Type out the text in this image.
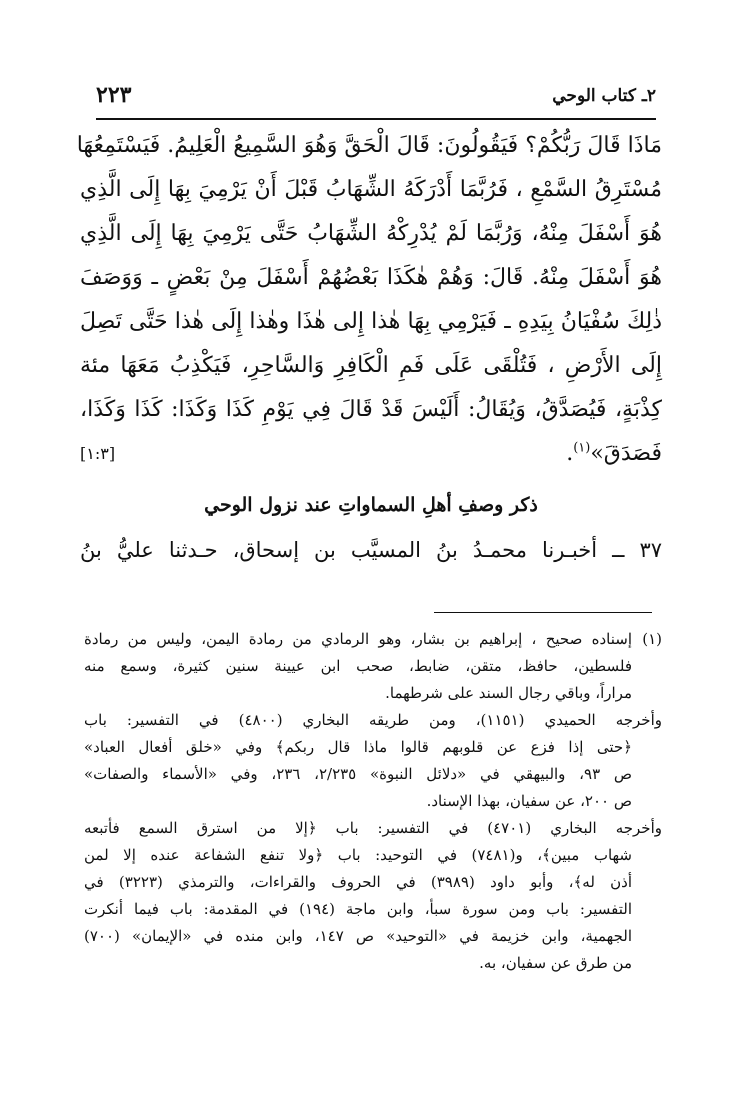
٢ـ كتاب الوحي
٢٢٣
مَاذَا قَالَ رَبُّكُمْ؟ فَيَقُولُونَ: قَالَ الْحَقَّ وَهُوَ السَّمِيعُ الْعَلِيمُ. فَيَسْتَمِعُهَا
مُسْتَرِقُ السَّمْعِ ، فَرُبَّمَا أَدْرَكَهُ الشِّهَابُ قَبْلَ أَنْ يَرْمِيَ بِهَا إِلَى الَّذِي
هُوَ أَسْفَلَ مِنْهُ، وَرُبَّمَا لَمْ يُدْرِكْهُ الشِّهَابُ حَتَّى يَرْمِيَ بِهَا إِلَى الَّذِي
هُوَ أَسْفَلَ مِنْهُ. قَالَ: وَهُمْ هٰكَذَا بَعْضُهُمْ أَسْفَلَ مِنْ بَعْضٍ ـ وَوَصَفَ
ذٰلِكَ سُفْيَانُ بِيَدِهِ ـ فَيَرْمِي بِهَا هٰذا إِلى هٰذَا وهٰذا إِلَى هٰذا حَتَّى تَصِلَ
إِلَى الأَرْضِ ، فَتُلْقَى عَلَى فَمِ الْكَافِرِ وَالسَّاحِرِ، فَيَكْذِبُ مَعَهَا مئة
كِذْبَةٍ، فَيُصَدَّقُ، وَيُقَالُ: أَلَيْسَ قَدْ قَالَ فِي يَوْمِ كَذَا وَكَذَا: كَذَا وَكَذَا،
فَصَدَقَ»$^{(١)}$.
[١:٣]
ذكر وصفِ أهلِ السماواتِ عند نزول الوحي
٣٧ ــ أخبـرنا محمـدُ بنُ المسيَّب بن إسحاق، حـدثنا عليُّ بنُ
(١)إسناده صحيح ، إبراهيم بن بشار، وهو الرمادي من رمادة اليمن، وليس من رمادة
فلسطين، حافظ، متقن، ضابط، صحب ابن عيينة سنين كثيرة، وسمع منه
مراراً، وباقي رجال السند على شرطهما.
وأخرجه الحميدي (١١٥١)، ومن طريقه البخاري (٤٨٠٠) في التفسير: باب
﴿حتى إذا فزع عن قلوبهم قالوا ماذا قال ربكم﴾ وفي «خلق أفعال العباد»
ص ٩٣، والبيهقي في «دلائل النبوة» ٢/٢٣٥، ٢٣٦، وفي «الأسماء والصفات»
ص ٢٠٠، عن سفيان، بهذا الإسناد.
وأخرجه البخاري (٤٧٠١) في التفسير: باب ﴿إلا من استرق السمع فأتبعه
شهاب مبين﴾، و(٧٤٨١) في التوحيد: باب ﴿ولا تنفع الشفاعة عنده إلا لمن
أذن له﴾، وأبو داود (٣٩٨٩) في الحروف والقراءات، والترمذي (٣٢٢٣) في
التفسير: باب ومن سورة سبأ، وابن ماجة (١٩٤) في المقدمة: باب فيما أنكرت
الجهمية، وابن خزيمة في «التوحيد» ص ١٤٧، وابن منده في «الإيمان» (٧٠٠)
من طرق عن سفيان، به.
